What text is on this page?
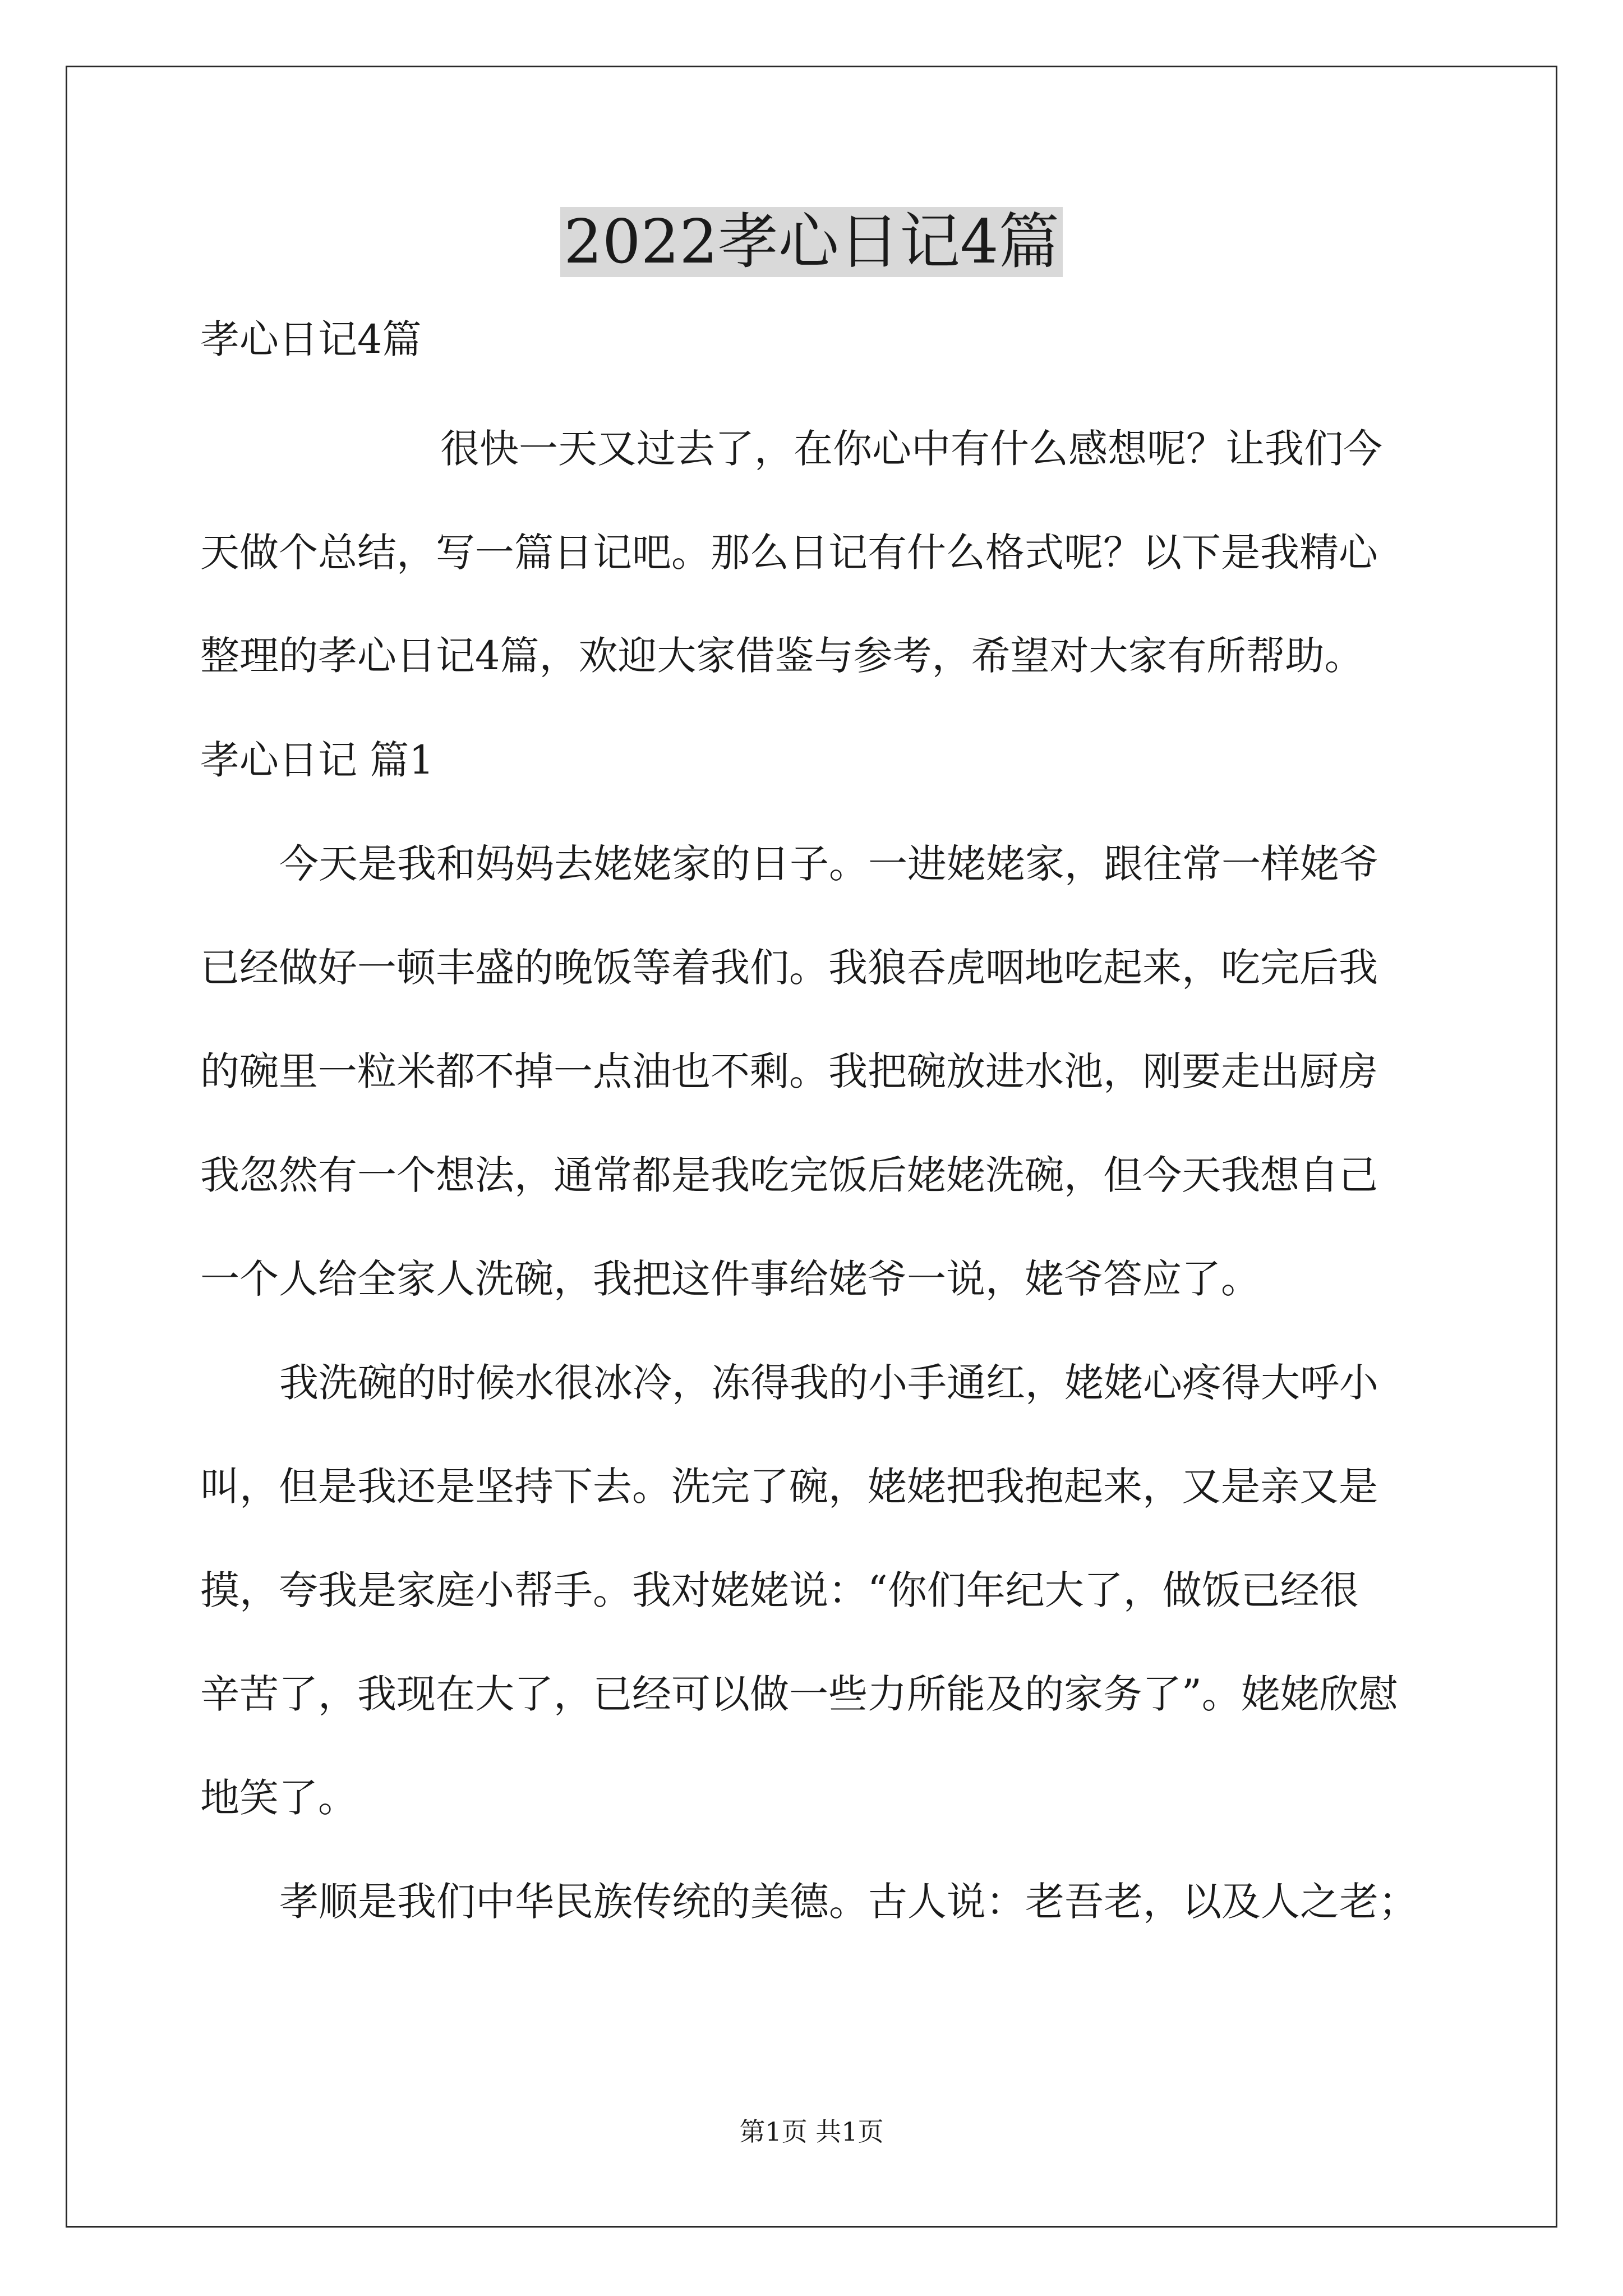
2022孝心日记4篇
孝心日记4篇
很快一天又过去了，在你心中有什么感想呢？让我们今
天做个总结，写一篇日记吧。那么日记有什么格式呢？以下是我精心
整理的孝心日记4篇，欢迎大家借鉴与参考，希望对大家有所帮助。
孝心日记 篇1
今天是我和妈妈去姥姥家的日子。一进姥姥家，跟往常一样姥爷
已经做好一顿丰盛的晚饭等着我们。我狼吞虎咽地吃起来，吃完后我
的碗里一粒米都不掉一点油也不剩。我把碗放进水池，刚要走出厨房
我忽然有一个想法，通常都是我吃完饭后姥姥洗碗，但今天我想自己
一个人给全家人洗碗，我把这件事给姥爷一说，姥爷答应了。
我洗碗的时候水很冰冷，冻得我的小手通红，姥姥心疼得大呼小
叫，但是我还是坚持下去。洗完了碗，姥姥把我抱起来，又是亲又是
摸，夸我是家庭小帮手。我对姥姥说：“你们年纪大了，做饭已经很
辛苦了，我现在大了，已经可以做一些力所能及的家务了”。姥姥欣慰
地笑了。
孝顺是我们中华民族传统的美德。古人说：老吾老，以及人之老；
第1页 共1页
